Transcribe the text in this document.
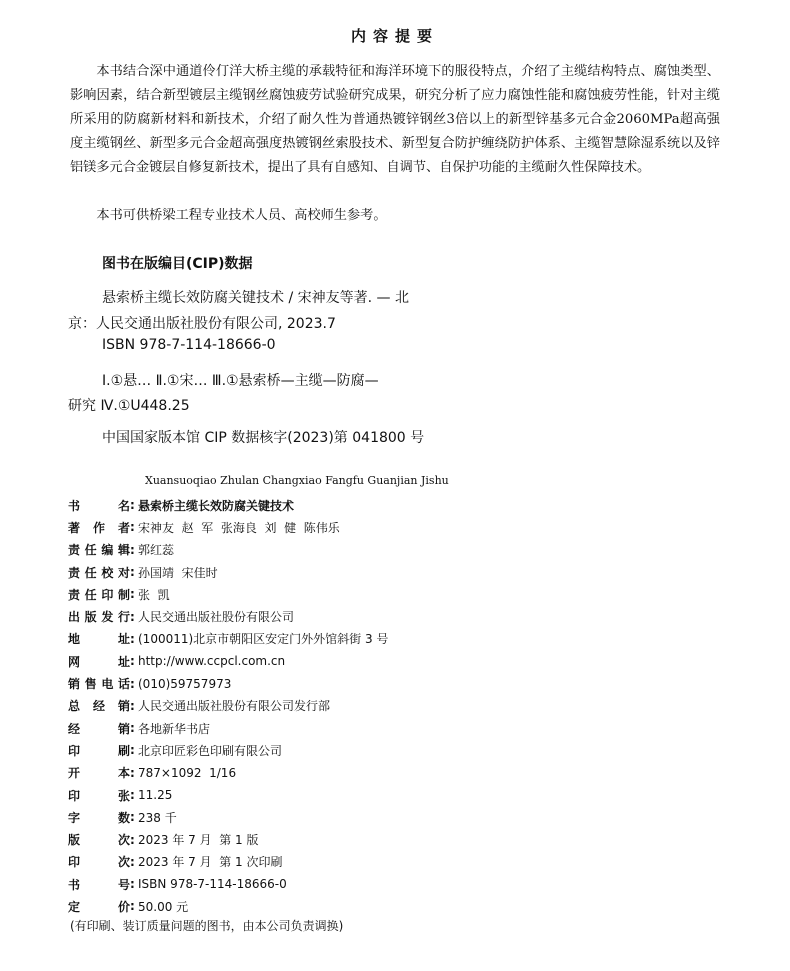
内容提要

本书结合深中通道伶仃洋大桥主缆的承载特征和海洋环境下的服役特点，介绍了主缆结构特点、腐蚀类型、影响因素，结合新型镀层主缆钢丝腐蚀疲劳试验研究成果，研究分析了应力腐蚀性能和腐蚀疲劳性能，针对主缆所采用的防腐新材料和新技术，介绍了耐久性为普通热镀锌钢丝3倍以上的新型锌基多元合金2060MPa超高强度主缆钢丝、新型多元合金超高强度热镀钢丝索股技术、新型复合防护缠绕防护体系、主缆智慧除湿系统以及锌铝镁多元合金镀层自修复新技术，提出了具有自感知、自调节、自保护功能的主缆耐久性保障技术。

本书可供桥梁工程专业技术人员、高校师生参考。

图书在版编目(CIP)数据
悬索桥主缆长效防腐关键技术 / 宋神友等著. — 北
京：人民交通出版社股份有限公司, 2023.7
ISBN 978-7-114-18666-0
Ⅰ.①悬… Ⅱ.①宋… Ⅲ.①悬索桥—主缆—防腐—
研究 Ⅳ.①U448.25
中国国家版本馆 CIP 数据核字(2023)第 041800 号
Xuansuoqiao Zhulan Changxiao Fangfu Guanjian Jishu
书名 : 悬索桥主缆长效防腐关键技术
著作者 : 宋神友  赵  军  张海良  刘  健  陈伟乐
责任编辑 : 郭红蕊
责任校对 : 孙国靖  宋佳时
责任印制 : 张  凯
出版发行 : 人民交通出版社股份有限公司
地址 : (100011)北京市朝阳区安定门外外馆斜街 3 号
网址 : http://www.ccpcl.com.cn
销售电话 : (010)59757973
总经销 : 人民交通出版社股份有限公司发行部
经销 : 各地新华书店
印刷 : 北京印匠彩色印刷有限公司
开本 : 787×1092  1/16
印张 : 11.25
字数 : 238 千
版次 : 2023 年 7 月  第 1 版
印次 : 2023 年 7 月  第 1 次印刷
书号 : ISBN 978-7-114-18666-0
定价 : 50.00 元
(有印刷、装订质量问题的图书，由本公司负责调换)
